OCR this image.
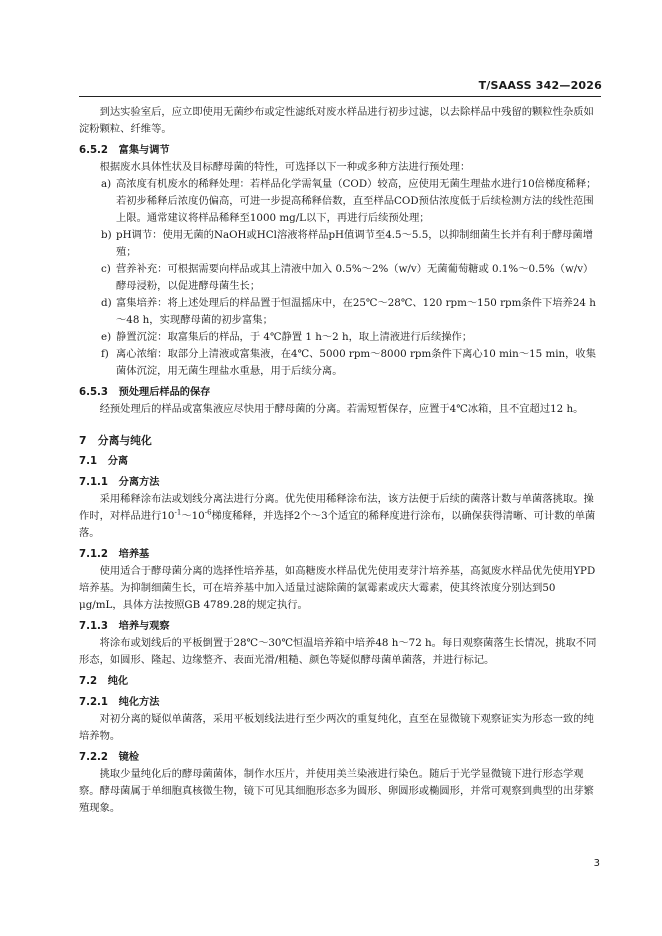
T/SAASS 342—2026

到达实验室后，应立即使用无菌纱布或定性滤纸对废水样品进行初步过滤，以去除样品中残留的颗粒性杂质如淀粉颗粒、纤维等。

6.5.2 富集与调节

根据废水具体性状及目标酵母菌的特性，可选择以下一种或多种方法进行预处理：

a) 高浓度有机废水的稀释处理：若样品化学需氧量（COD）较高，应使用无菌生理盐水进行10倍梯度稀释；若初步稀释后浓度仍偏高，可进一步提高稀释倍数，直至样品COD预估浓度低于后续检测方法的线性范围上限。通常建议将样品稀释至1000 mg/L以下，再进行后续预处理；
b) pH调节：使用无菌的NaOH或HCl溶液将样品pH值调节至4.5～5.5，以抑制细菌生长并有利于酵母菌增殖；
c) 营养补充：可根据需要向样品或其上清液中加入 0.5%～2%（w/v）无菌葡萄糖或 0.1%～0.5%（w/v）酵母浸粉，以促进酵母菌生长；
d) 富集培养：将上述处理后的样品置于恒温摇床中，在25℃～28℃、120 rpm～150 rpm条件下培养24 h～48 h，实现酵母菌的初步富集；
e) 静置沉淀：取富集后的样品，于 4℃静置 1 h～2 h，取上清液进行后续操作；
f) 离心浓缩：取部分上清液或富集液，在4℃、5000 rpm～8000 rpm条件下离心10 min～15 min，收集菌体沉淀，用无菌生理盐水重悬，用于后续分离。
6.5.3 预处理后样品的保存

经预处理后的样品或富集液应尽快用于酵母菌的分离。若需短暂保存，应置于4℃冰箱，且不宜超过12 h。

7 分离与纯化
7.1 分离
7.1.1 分离方法

采用稀释涂布法或划线分离法进行分离。优先使用稀释涂布法，该方法便于后续的菌落计数与单菌落挑取。操作时，对样品进行$10^{-1}\sim 10^{-6}$梯度稀释，并选择2个～3个适宜的稀释度进行涂布，以确保获得清晰、可计数的单菌落。

7.1.2 培养基

使用适合于酵母菌分离的选择性培养基，如高糖废水样品优先使用麦芽汁培养基，高氮废水样品优先使用YPD培养基。为抑制细菌生长，可在培养基中加入适量过滤除菌的氯霉素或庆大霉素，使其终浓度分别达到50 μg/mL，具体方法按照GB 4789.28的规定执行。

7.1.3 培养与观察

将涂布或划线后的平板倒置于28℃～30℃恒温培养箱中培养48 h～72 h。每日观察菌落生长情况，挑取不同形态，如圆形、隆起、边缘整齐、表面光滑/粗糙、颜色等疑似酵母菌单菌落，并进行标记。

7.2 纯化
7.2.1 纯化方法

对初分离的疑似单菌落，采用平板划线法进行至少两次的重复纯化，直至在显微镜下观察证实为形态一致的纯培养物。

7.2.2 镜检

挑取少量纯化后的酵母菌菌体，制作水压片，并使用美兰染液进行染色。随后于光学显微镜下进行形态学观察。酵母菌属于单细胞真核微生物，镜下可见其细胞形态多为圆形、卵圆形或椭圆形，并常可观察到典型的出芽繁殖现象。

3
